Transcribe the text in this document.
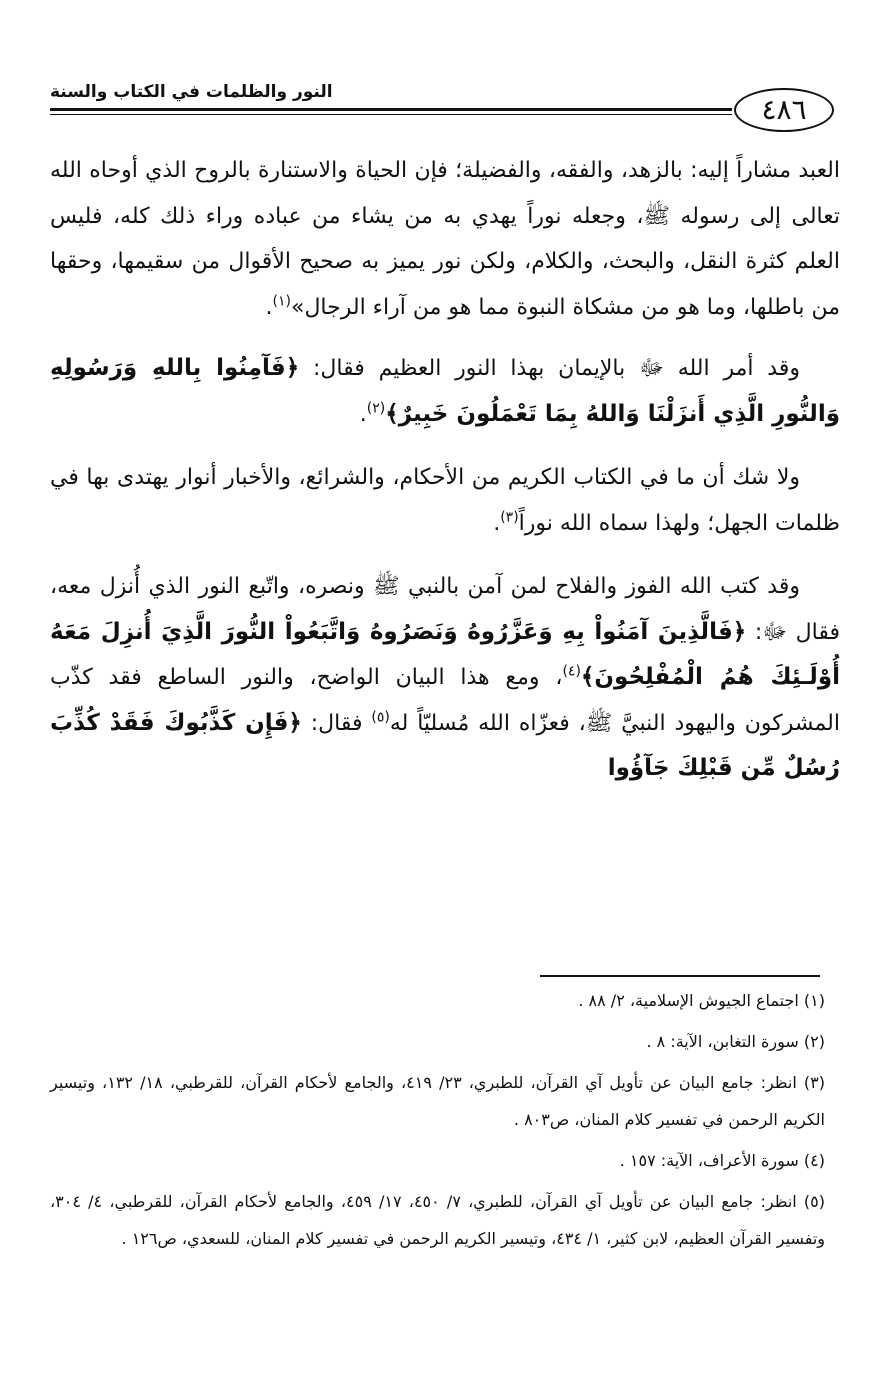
النور والظلمات في الكتاب والسنة
٤٨٦

العبد مشاراً إليه: بالزهد، والفقه، والفضيلة؛ فإن الحياة والاستنارة بالروح الذي أوحاه الله تعالى إلى رسوله ﷺ، وجعله نوراً يهدي به من يشاء من عباده وراء ذلك كله، فليس العلم كثرة النقل، والبحث، والكلام، ولكن نور يميز به صحيح الأقوال من سقيمها، وحقها من باطلها، وما هو من مشكاة النبوة مما هو من آراء الرجال»$^{(١)}$.

وقد أمر الله ﷻ بالإيمان بهذا النور العظيم فقال: ﴿فَآمِنُوا بِاللهِ وَرَسُولِهِ وَالنُّورِ الَّذِي أَنزَلْنَا وَاللهُ بِمَا تَعْمَلُونَ خَبِيرٌ﴾$^{(٢)}$.

ولا شك أن ما في الكتاب الكريم من الأحكام، والشرائع، والأخبار أنوار يهتدى بها في ظلمات الجهل؛ ولهذا سماه الله نوراً$^{(٣)}$.

وقد كتب الله الفوز والفلاح لمن آمن بالنبي ﷺ ونصره، واتّبع النور الذي أُنزل معه، فقال ﷻ: ﴿فَالَّذِينَ آمَنُواْ بِهِ وَعَزَّرُوهُ وَنَصَرُوهُ وَاتَّبَعُواْ النُّورَ الَّذِيَ أُنزِلَ مَعَهُ أُوْلَـئِكَ هُمُ الْمُفْلِحُونَ﴾$^{(٤)}$، ومع هذا البيان الواضح، والنور الساطع فقد كذّب المشركون واليهود النبيَّ ﷺ، فعزّاه الله مُسليّاً له$^{(٥)}$ فقال: ﴿فَإِن كَذَّبُوكَ فَقَدْ كُذِّبَ رُسُلٌ مِّن قَبْلِكَ جَآؤُوا

(١) اجتماع الجيوش الإسلامية، ٢/ ٨٨ .

(٢) سورة التغابن، الآية: ٨ .

(٣) انظر: جامع البيان عن تأويل آي القرآن، للطبري، ٢٣/ ٤١٩، والجامع لأحكام القرآن، للقرطبي، ١٨/ ١٣٢، وتيسير الكريم الرحمن في تفسير كلام المنان، ص٨٠٣ .

(٤) سورة الأعراف، الآية: ١٥٧ .

(٥) انظر: جامع البيان عن تأويل آي القرآن، للطبري، ٧/ ٤٥٠، ١٧/ ٤٥٩، والجامع لأحكام القرآن، للقرطبي، ٤/ ٣٠٤، وتفسير القرآن العظيم، لابن كثير، ١/ ٤٣٤، وتيسير الكريم الرحمن في تفسير كلام المنان، للسعدي، ص١٢٦ .
